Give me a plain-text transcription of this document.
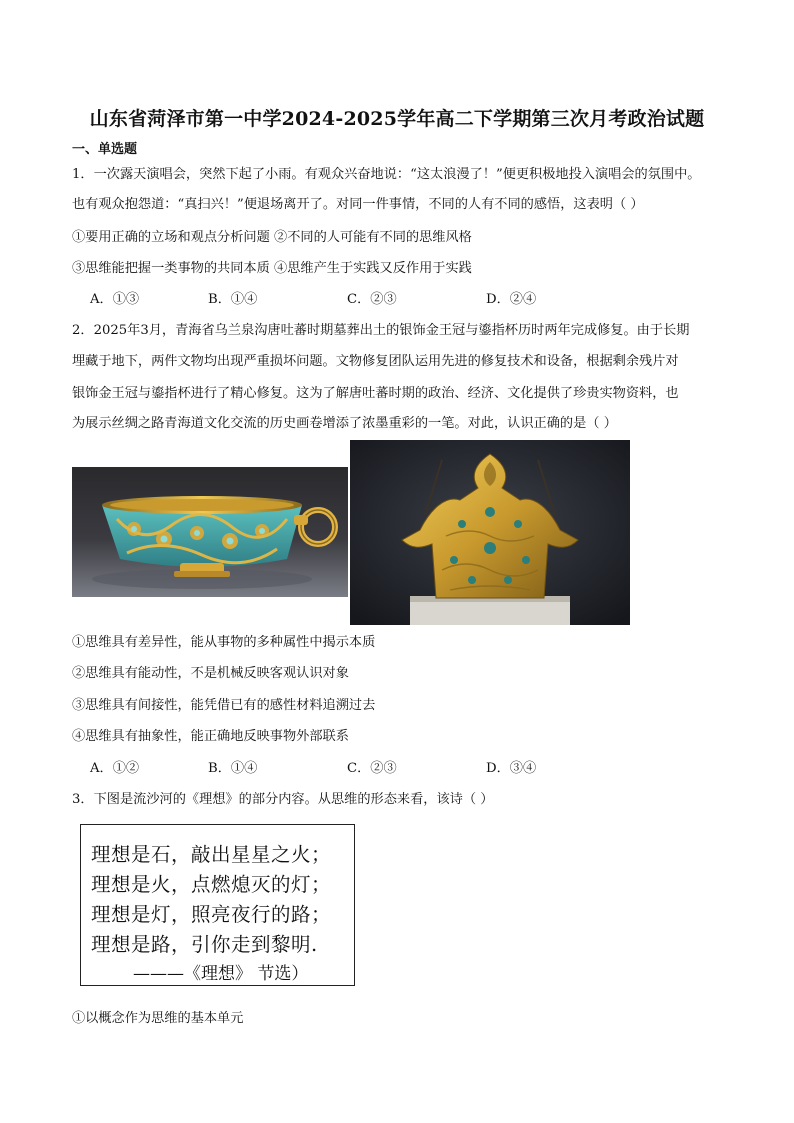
山东省菏泽市第一中学2024-2025学年高二下学期第三次月考政治试题
一、单选题
1．一次露天演唱会，突然下起了小雨。有观众兴奋地说：“这太浪漫了！”便更积极地投入演唱会的氛围中。
也有观众抱怨道：“真扫兴！”便退场离开了。对同一件事情，不同的人有不同的感悟，这表明（ ）
①要用正确的立场和观点分析问题 ②不同的人可能有不同的思维风格
③思维能把握一类事物的共同本质 ④思维产生于实践又反作用于实践
A．①③	B．①④	C．②③	D．②④
2．2025年3月，青海省乌兰泉沟唐吐蕃时期墓葬出土的银饰金王冠与鎏指杯历时两年完成修复。由于长期
埋藏于地下，两件文物均出现严重损坏问题。文物修复团队运用先进的修复技术和设备，根据剩余残片对
银饰金王冠与鎏指杯进行了精心修复。这为了解唐吐蕃时期的政治、经济、文化提供了珍贵实物资料，也
为展示丝绸之路青海道文化交流的历史画卷增添了浓墨重彩的一笔。对此，认识正确的是（ ）
①思维具有差异性，能从事物的多种属性中揭示本质
②思维具有能动性，不是机械反映客观认识对象
③思维具有间接性，能凭借已有的感性材料追溯过去
④思维具有抽象性，能正确地反映事物外部联系
A．①②	B．①④	C．②③	D．③④
3．下图是流沙河的《理想》的部分内容。从思维的形态来看，该诗（ ）
理想是石，敲出星星之火；
理想是火，点燃熄灭的灯；
理想是灯，照亮夜行的路；
理想是路，引你走到黎明.
———《理想》 节选）
①以概念作为思维的基本单元
